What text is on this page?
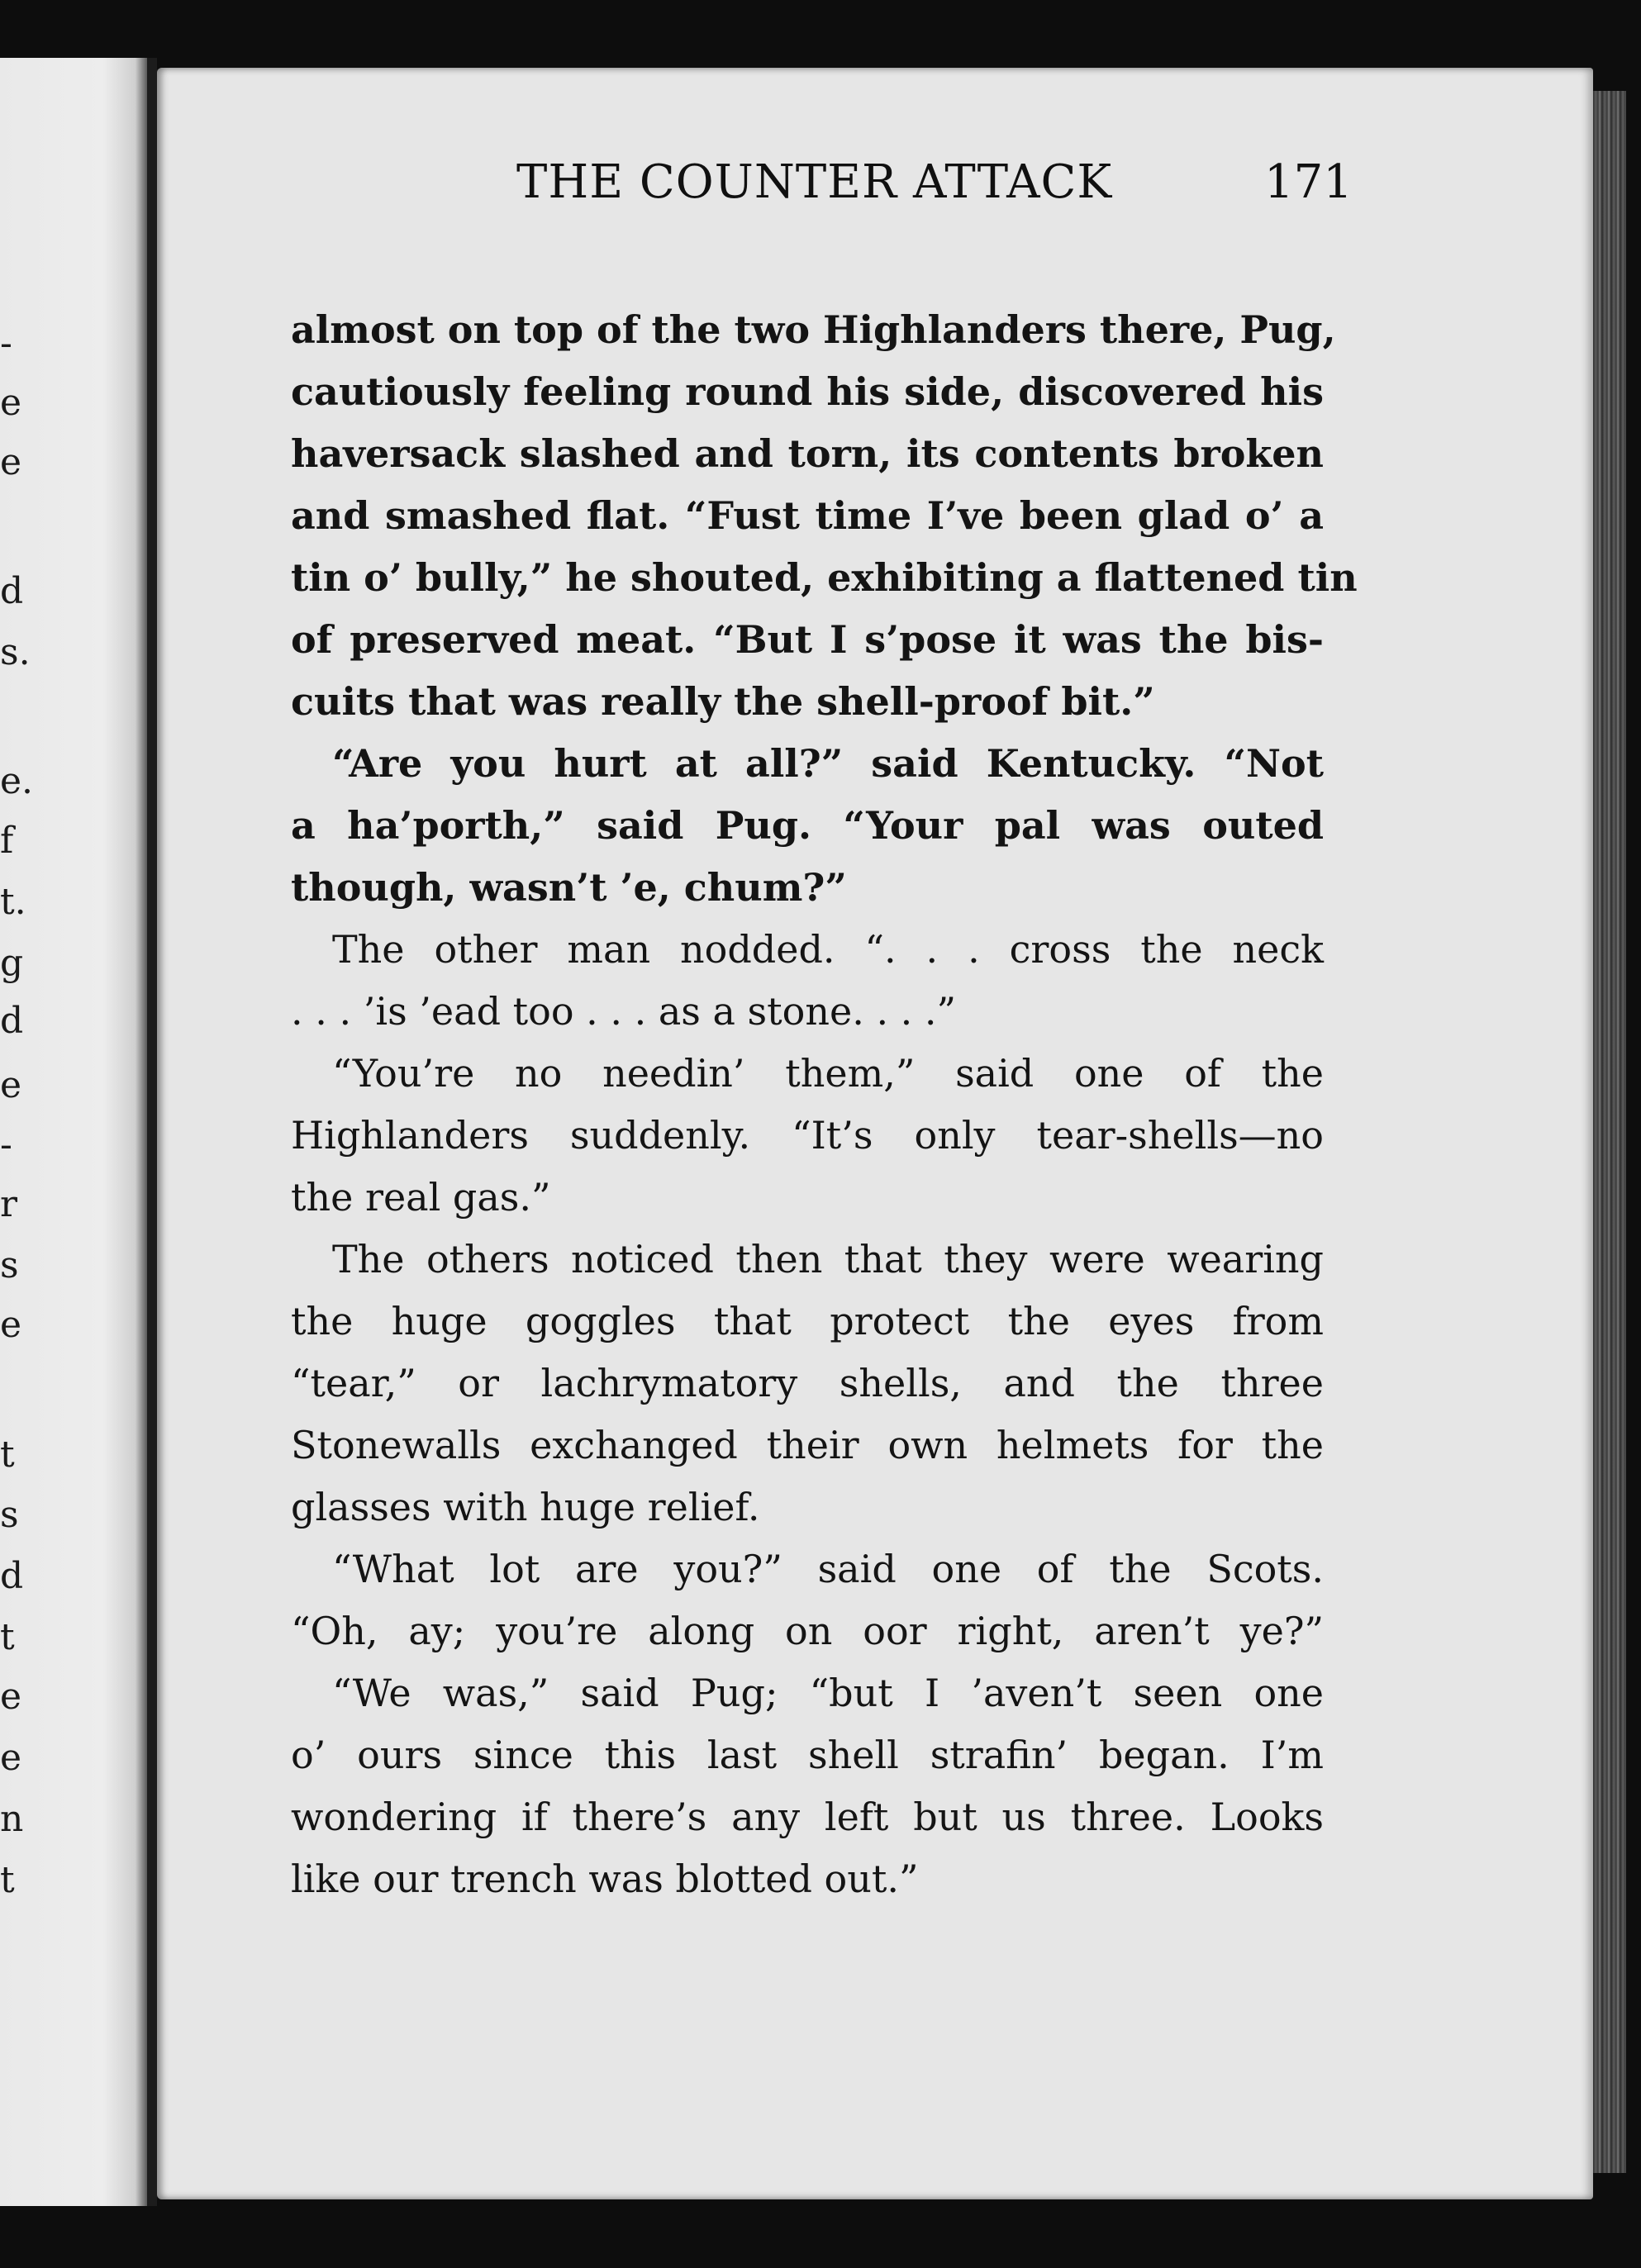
-
e
e
d
s.
e.
f
t.
g
d
e
-
r
s
e
t
s
d
t
e
e
n
t
THE COUNTER ATTACK	171
almost on top of the two Highlanders there, Pug,
cautiously feeling round his side, discovered his
haversack slashed and torn, its contents broken
and smashed flat. “Fust time I’ve been glad o’ a
tin o’ bully,” he shouted, exhibiting a flattened tin
of preserved meat. “But I s’pose it was the bis-
cuits that was really the shell-proof bit.”
“Are you hurt at all?” said Kentucky. “Not
a ha’porth,” said Pug. “Your pal was outed
though, wasn’t ’e, chum?”
The other man nodded. “. . . cross the neck
. . . ’is ’ead too . . . as a stone. . . .”
“You’re no needin’ them,” said one of the
Highlanders suddenly. “It’s only tear-shells—no
the real gas.”
The others noticed then that they were wearing
the huge goggles that protect the eyes from
“tear,” or lachrymatory shells, and the three
Stonewalls exchanged their own helmets for the
glasses with huge relief.
“What lot are you?” said one of the Scots.
“Oh, ay; you’re along on oor right, aren’t ye?”
“We was,” said Pug; “but I ’aven’t seen one
o’ ours since this last shell strafin’ began. I’m
wondering if there’s any left but us three. Looks
like our trench was blotted out.”
